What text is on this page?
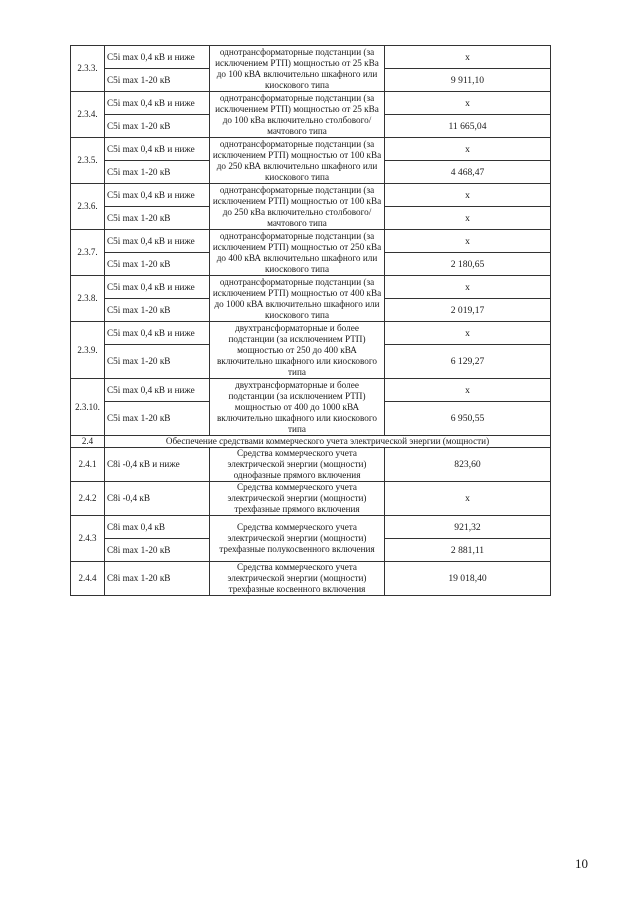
2.3.3.	C5i max 0,4 кВ и ниже	однотрансформаторные подстанции (за исключением РТП) мощностью от 25 кВа до 100 кВА включительно шкафного или киоскового типа	x
	C5i max 1-20 кВ		9 911,10
2.3.4.	C5i max 0,4 кВ и ниже	однотрансформаторные подстанции (за исключением РТП) мощностью от 25 кВа до 100 кВа включительно столбового/мачтового типа	x
	C5i max 1-20 кВ		11 665,04
2.3.5.	C5i max 0,4 кВ и ниже	однотрансформаторные подстанции (за исключением РТП) мощностью от 100 кВа до 250 кВА включительно шкафного или киоскового типа	x
	C5i max 1-20 кВ		4 468,47
2.3.6.	C5i max 0,4 кВ и ниже	однотрансформаторные подстанции (за исключением РТП) мощностью от 100 кВа до 250 кВа включительно столбового/мачтового типа	x
	C5i max 1-20 кВ		x
2.3.7.	C5i max 0,4 кВ и ниже	однотрансформаторные подстанции (за исключением РТП) мощностью от 250 кВа до 400 кВА включительно шкафного или киоскового типа	x
	C5i max 1-20 кВ		2 180,65
2.3.8.	C5i max 0,4 кВ и ниже	однотрансформаторные подстанции (за исключением РТП) мощностью от 400 кВа до 1000 кВА включительно шкафного или киоскового типа	x
	C5i max 1-20 кВ		2 019,17
2.3.9.	C5i max 0,4 кВ и ниже	двухтрансформаторные и более подстанции (за исключением РТП) мощностью от 250 до 400 кВА включительно шкафного или киоскового типа	x
	C5i max 1-20 кВ		6 129,27
2.3.10.	C5i max 0,4 кВ и ниже	двухтрансформаторные и более подстанции (за исключением РТП) мощностью от 400 до 1000 кВА включительно шкафного или киоскового типа	x
	C5i max 1-20 кВ		6 950,55
2.4	Обеспечение средствами коммерческого учета электрической энергии (мощности)		
2.4.1	C8i -0,4 кВ и ниже	Средства коммерческого учета электрической энергии (мощности) однофазные прямого включения	823,60
2.4.2	C8i -0,4 кВ	Средства коммерческого учета электрической энергии (мощности) трехфазные прямого включения	x
2.4.3	C8i max 0,4 кВ	Средства коммерческого учета электрической энергии (мощности) трехфазные полукосвенного включения	921,32
	C8i max 1-20 кВ		2 881,11
2.4.4	C8i max 1-20 кВ	Средства коммерческого учета электрической энергии (мощности) трехфазные косвенного включения	19 018,40
10
